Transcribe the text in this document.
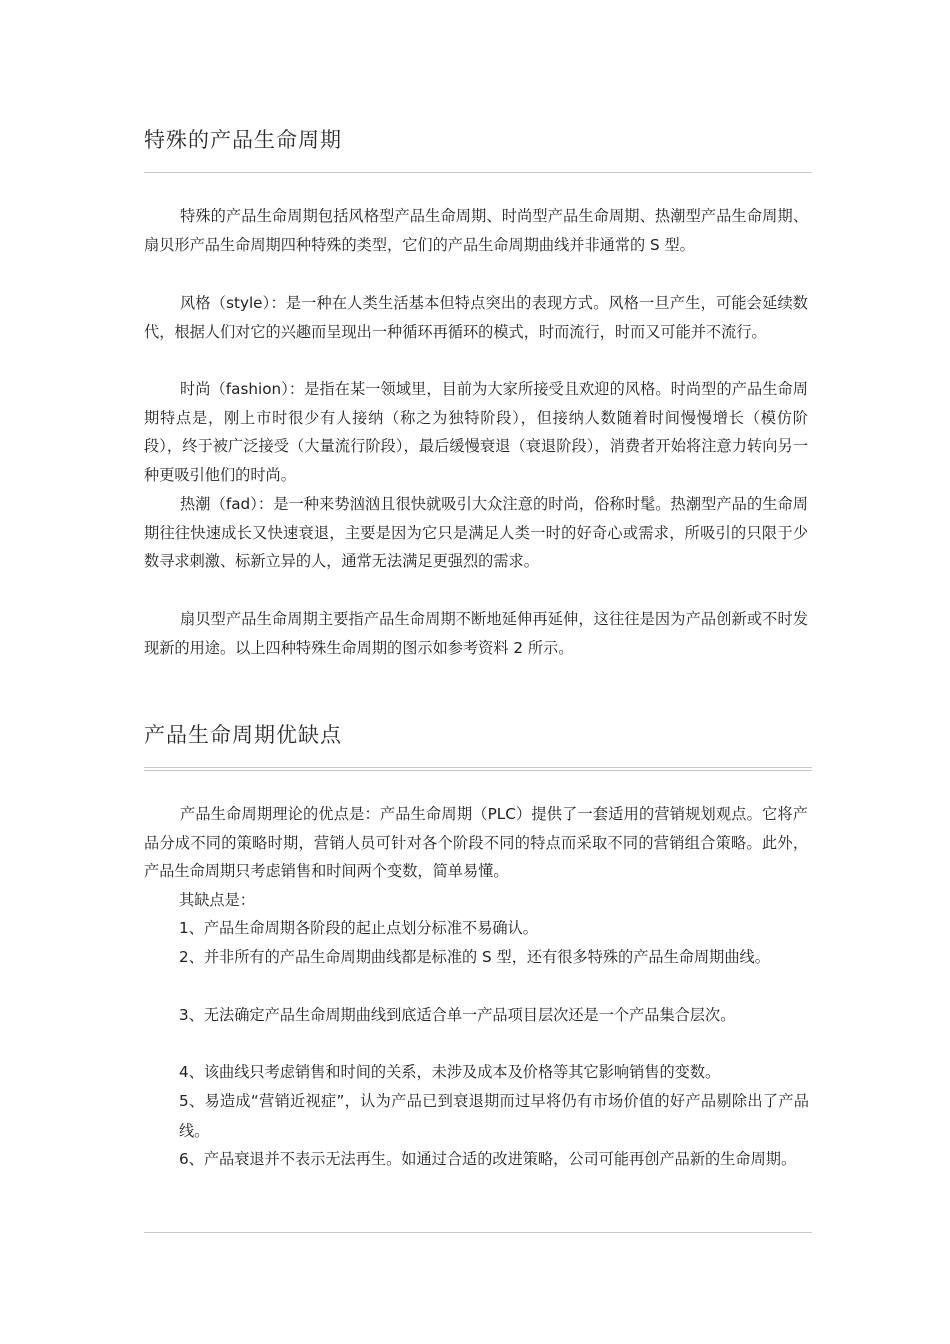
特殊的产品生命周期

特殊的产品生命周期包括风格型产品生命周期、时尚型产品生命周期、热潮型产品生命周期、扇贝形产品生命周期四种特殊的类型，它们的产品生命周期曲线并非通常的 S 型。

风格（style）：是一种在人类生活基本但特点突出的表现方式。风格一旦产生，可能会延续数代，根据人们对它的兴趣而呈现出一种循环再循环的模式，时而流行，时而又可能并不流行。

时尚（fashion）：是指在某一领域里，目前为大家所接受且欢迎的风格。时尚型的产品生命周期特点是，刚上市时很少有人接纳（称之为独特阶段），但接纳人数随着时间慢慢增长（模仿阶段），终于被广泛接受（大量流行阶段），最后缓慢衰退（衰退阶段），消费者开始将注意力转向另一种更吸引他们的时尚。

热潮（fad）：是一种来势汹汹且很快就吸引大众注意的时尚，俗称时髦。热潮型产品的生命周期往往快速成长又快速衰退，主要是因为它只是满足人类一时的好奇心或需求，所吸引的只限于少数寻求刺激、标新立异的人，通常无法满足更强烈的需求。

扇贝型产品生命周期主要指产品生命周期不断地延伸再延伸，这往往是因为产品创新或不时发现新的用途。以上四种特殊生命周期的图示如参考资料 2 所示。

产品生命周期优缺点

产品生命周期理论的优点是：产品生命周期（PLC）提供了一套适用的营销规划观点。它将产品分成不同的策略时期，营销人员可针对各个阶段不同的特点而采取不同的营销组合策略。此外，产品生命周期只考虑销售和时间两个变数，简单易懂。

其缺点是：

1、产品生命周期各阶段的起止点划分标准不易确认。

2、并非所有的产品生命周期曲线都是标准的 S 型，还有很多特殊的产品生命周期曲线。

3、无法确定产品生命周期曲线到底适合单一产品项目层次还是一个产品集合层次。

4、该曲线只考虑销售和时间的关系，未涉及成本及价格等其它影响销售的变数。

5、易造成“营销近视症”，认为产品已到衰退期而过早将仍有市场价值的好产品剔除出了产品线。

6、产品衰退并不表示无法再生。如通过合适的改进策略，公司可能再创产品新的生命周期。
